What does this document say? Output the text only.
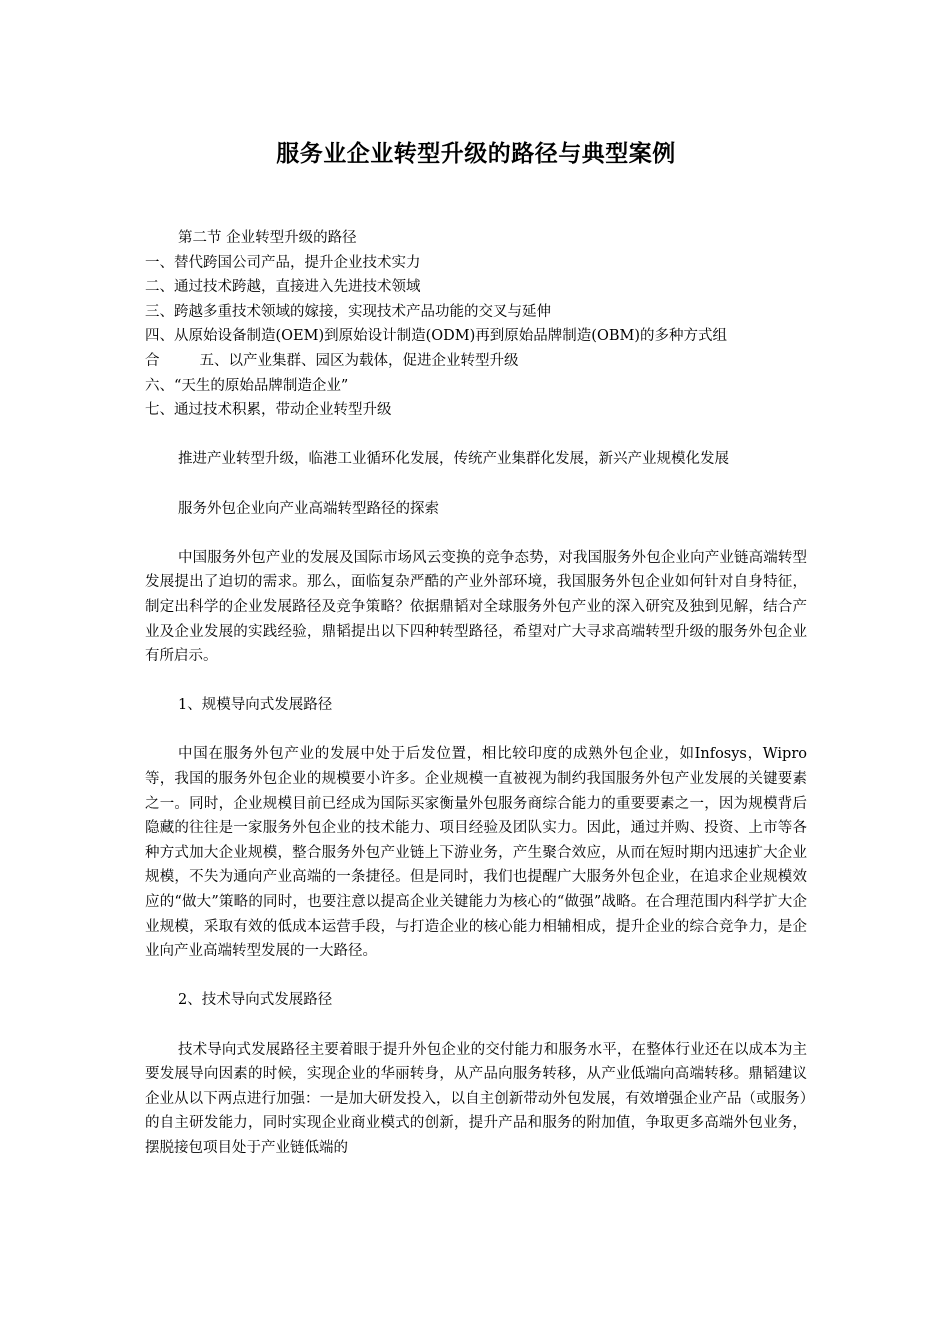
服务业企业转型升级的路径与典型案例
第二节 企业转型升级的路径
一、替代跨国公司产品，提升企业技术实力
二、通过技术跨越，直接进入先进技术领域
三、跨越多重技术领域的嫁接，实现技术产品功能的交叉与延伸
四、从原始设备制造(OEM)到原始设计制造(ODM)再到原始品牌制造(OBM)的多种方式组
合	五、以产业集群、园区为载体，促进企业转型升级
六、“天生的原始品牌制造企业”
七、通过技术积累，带动企业转型升级
推进产业转型升级，临港工业循环化发展，传统产业集群化发展，新兴产业规模化发展
服务外包企业向产业高端转型路径的探索
中国服务外包产业的发展及国际市场风云变换的竞争态势，对我国服务外包企业向产业链高端转型发展提出了迫切的需求。那么，面临复杂严酷的产业外部环境，我国服务外包企业如何针对自身特征，制定出科学的企业发展路径及竞争策略？依据鼎韬对全球服务外包产业的深入研究及独到见解，结合产业及企业发展的实践经验，鼎韬提出以下四种转型路径，希望对广大寻求高端转型升级的服务外包企业有所启示。
1、规模导向式发展路径
中国在服务外包产业的发展中处于后发位置，相比较印度的成熟外包企业，如Infosys，Wipro等，我国的服务外包企业的规模要小许多。企业规模一直被视为制约我国服务外包产业发展的关键要素之一。同时，企业规模目前已经成为国际买家衡量外包服务商综合能力的重要要素之一，因为规模背后隐藏的往往是一家服务外包企业的技术能力、项目经验及团队实力。因此，通过并购、投资、上市等各种方式加大企业规模，整合服务外包产业链上下游业务，产生聚合效应，从而在短时期内迅速扩大企业规模，不失为通向产业高端的一条捷径。但是同时，我们也提醒广大服务外包企业，在追求企业规模效应的“做大”策略的同时，也要注意以提高企业关键能力为核心的“做强”战略。在合理范围内科学扩大企业规模，采取有效的低成本运营手段，与打造企业的核心能力相辅相成，提升企业的综合竞争力，是企业向产业高端转型发展的一大路径。
2、技术导向式发展路径
技术导向式发展路径主要着眼于提升外包企业的交付能力和服务水平，在整体行业还在以成本为主要发展导向因素的时候，实现企业的华丽转身，从产品向服务转移，从产业低端向高端转移。鼎韬建议企业从以下两点进行加强：一是加大研发投入，以自主创新带动外包发展，有效增强企业产品（或服务）的自主研发能力，同时实现企业商业模式的创新，提升产品和服务的附加值，争取更多高端外包业务，摆脱接包项目处于产业链低端的
